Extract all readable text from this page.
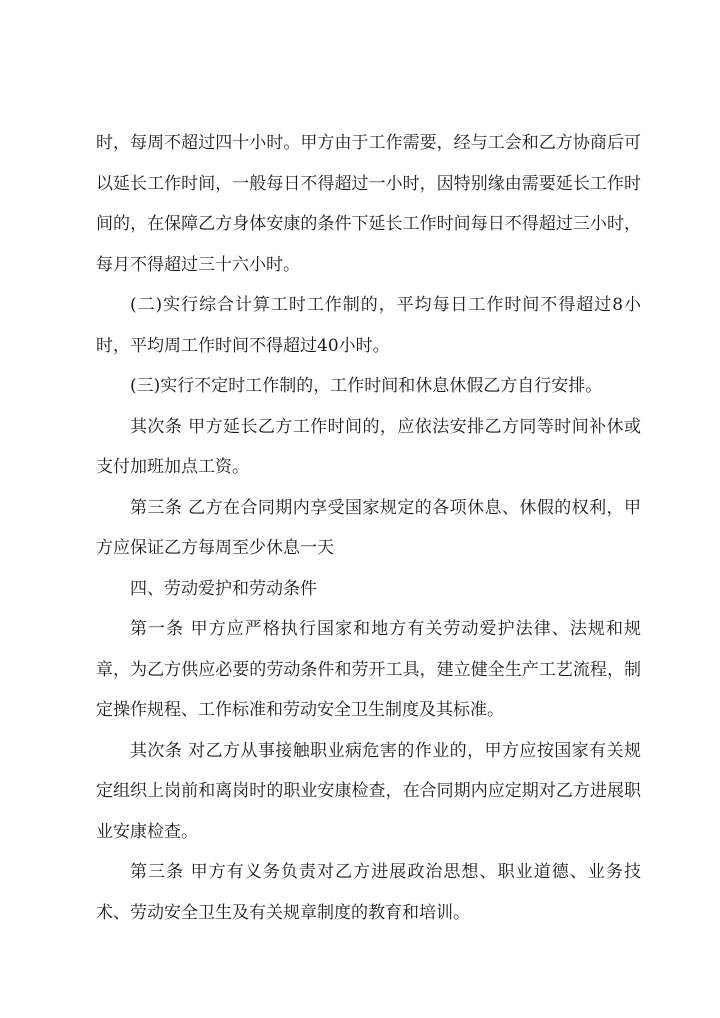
时，每周不超过四十小时。甲方由于工作需要，经与工会和乙方协商后可以延长工作时间，一般每日不得超过一小时，因特别缘由需要延长工作时间的，在保障乙方身体安康的条件下延长工作时间每日不得超过三小时，每月不得超过三十六小时。

(二)实行综合计算工时工作制的，平均每日工作时间不得超过8小时，平均周工作时间不得超过40小时。

(三)实行不定时工作制的，工作时间和休息休假乙方自行安排。

其次条 甲方延长乙方工作时间的，应依法安排乙方同等时间补休或支付加班加点工资。

第三条 乙方在合同期内享受国家规定的各项休息、休假的权利，甲方应保证乙方每周至少休息一天

四、劳动爱护和劳动条件

第一条 甲方应严格执行国家和地方有关劳动爱护法律、法规和规章，为乙方供应必要的劳动条件和劳开工具，建立健全生产工艺流程，制定操作规程、工作标准和劳动安全卫生制度及其标准。

其次条 对乙方从事接触职业病危害的作业的，甲方应按国家有关规定组织上岗前和离岗时的职业安康检查，在合同期内应定期对乙方进展职业安康检查。

第三条 甲方有义务负责对乙方进展政治思想、职业道德、业务技术、劳动安全卫生及有关规章制度的教育和培训。
